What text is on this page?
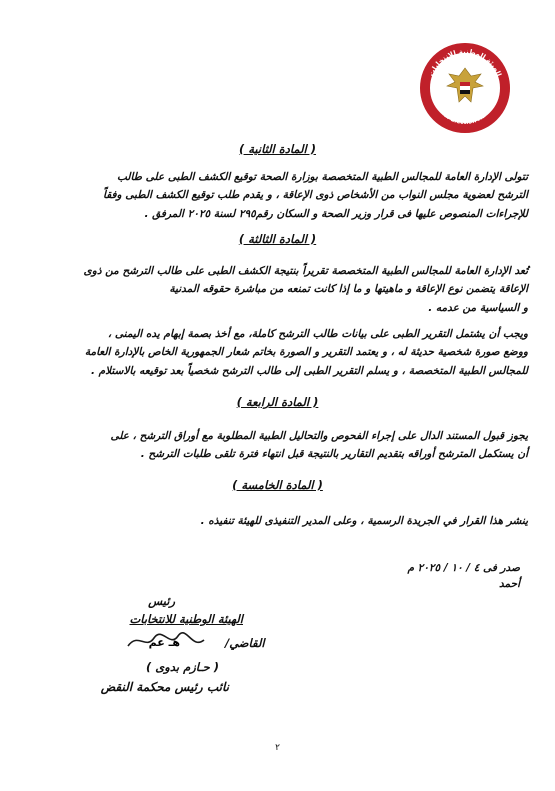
الهيئة الوطنية للانتخابات
National Election Authority
( المادة الثانية )

تتولى الإدارة العامة للمجالس الطبية المتخصصة بوزارة الصحة توقيع الكشف الطبى على طالب

الترشح لعضوية مجلس النواب من الأشخاص ذوى الإعاقة ، و يقدم طلب توقيع الكشف الطبى وفقاً

للإجراءات المنصوص عليها فى قرار وزير الصحة و السكان رقم٢٩٥ لسنة ٢٠٢٥ المرفق .

( المادة الثالثة )

تُعد الإدارة العامة للمجالس الطبية المتخصصة تقريراً بنتيجة الكشف الطبى على طالب الترشح من ذوى

الإعاقة يتضمن نوع الإعاقة و ماهيتها و ما إذا كانت تمنعه من مباشرة حقوقه المدنية

و السياسية من عدمه .

ويجب أن يشتمل التقرير الطبى على بيانات طالب الترشح كاملة، مع أخذ بصمة إبهام يده اليمنى ،

ووضع صورة شخصية حديثة له ، و يعتمد التقرير و الصورة بخاتم شعار الجمهورية الخاص بالإدارة العامة

للمجالس الطبية المتخصصة ، و يسلم التقرير الطبى إلى طالب الترشح شخصياً بعد توقيعه بالاستلام .

( المادة الرابعة )

يجوز قبول المستند الدال على إجراء الفحوص والتحاليل الطبية المطلوبة مع أوراق الترشح ، على

أن يستكمل المترشح أوراقه بتقديم التقارير بالنتيجة قبل انتهاء فترة تلقى طلبات الترشح .

( المادة الخامسة )

ينشر هذا القرار في الجريدة الرسمية ، وعلى المدير التنفيذى للهيئة تنفيذه .

صدر فى ٤ / ١٠ / ٢٠٢٥ م
أحمد
رئيس
الهيئة الوطنية للانتخابات
القاضي/
هـ عم
( حـازم بدوى )
نائب رئيس محكمة النقض
٢
